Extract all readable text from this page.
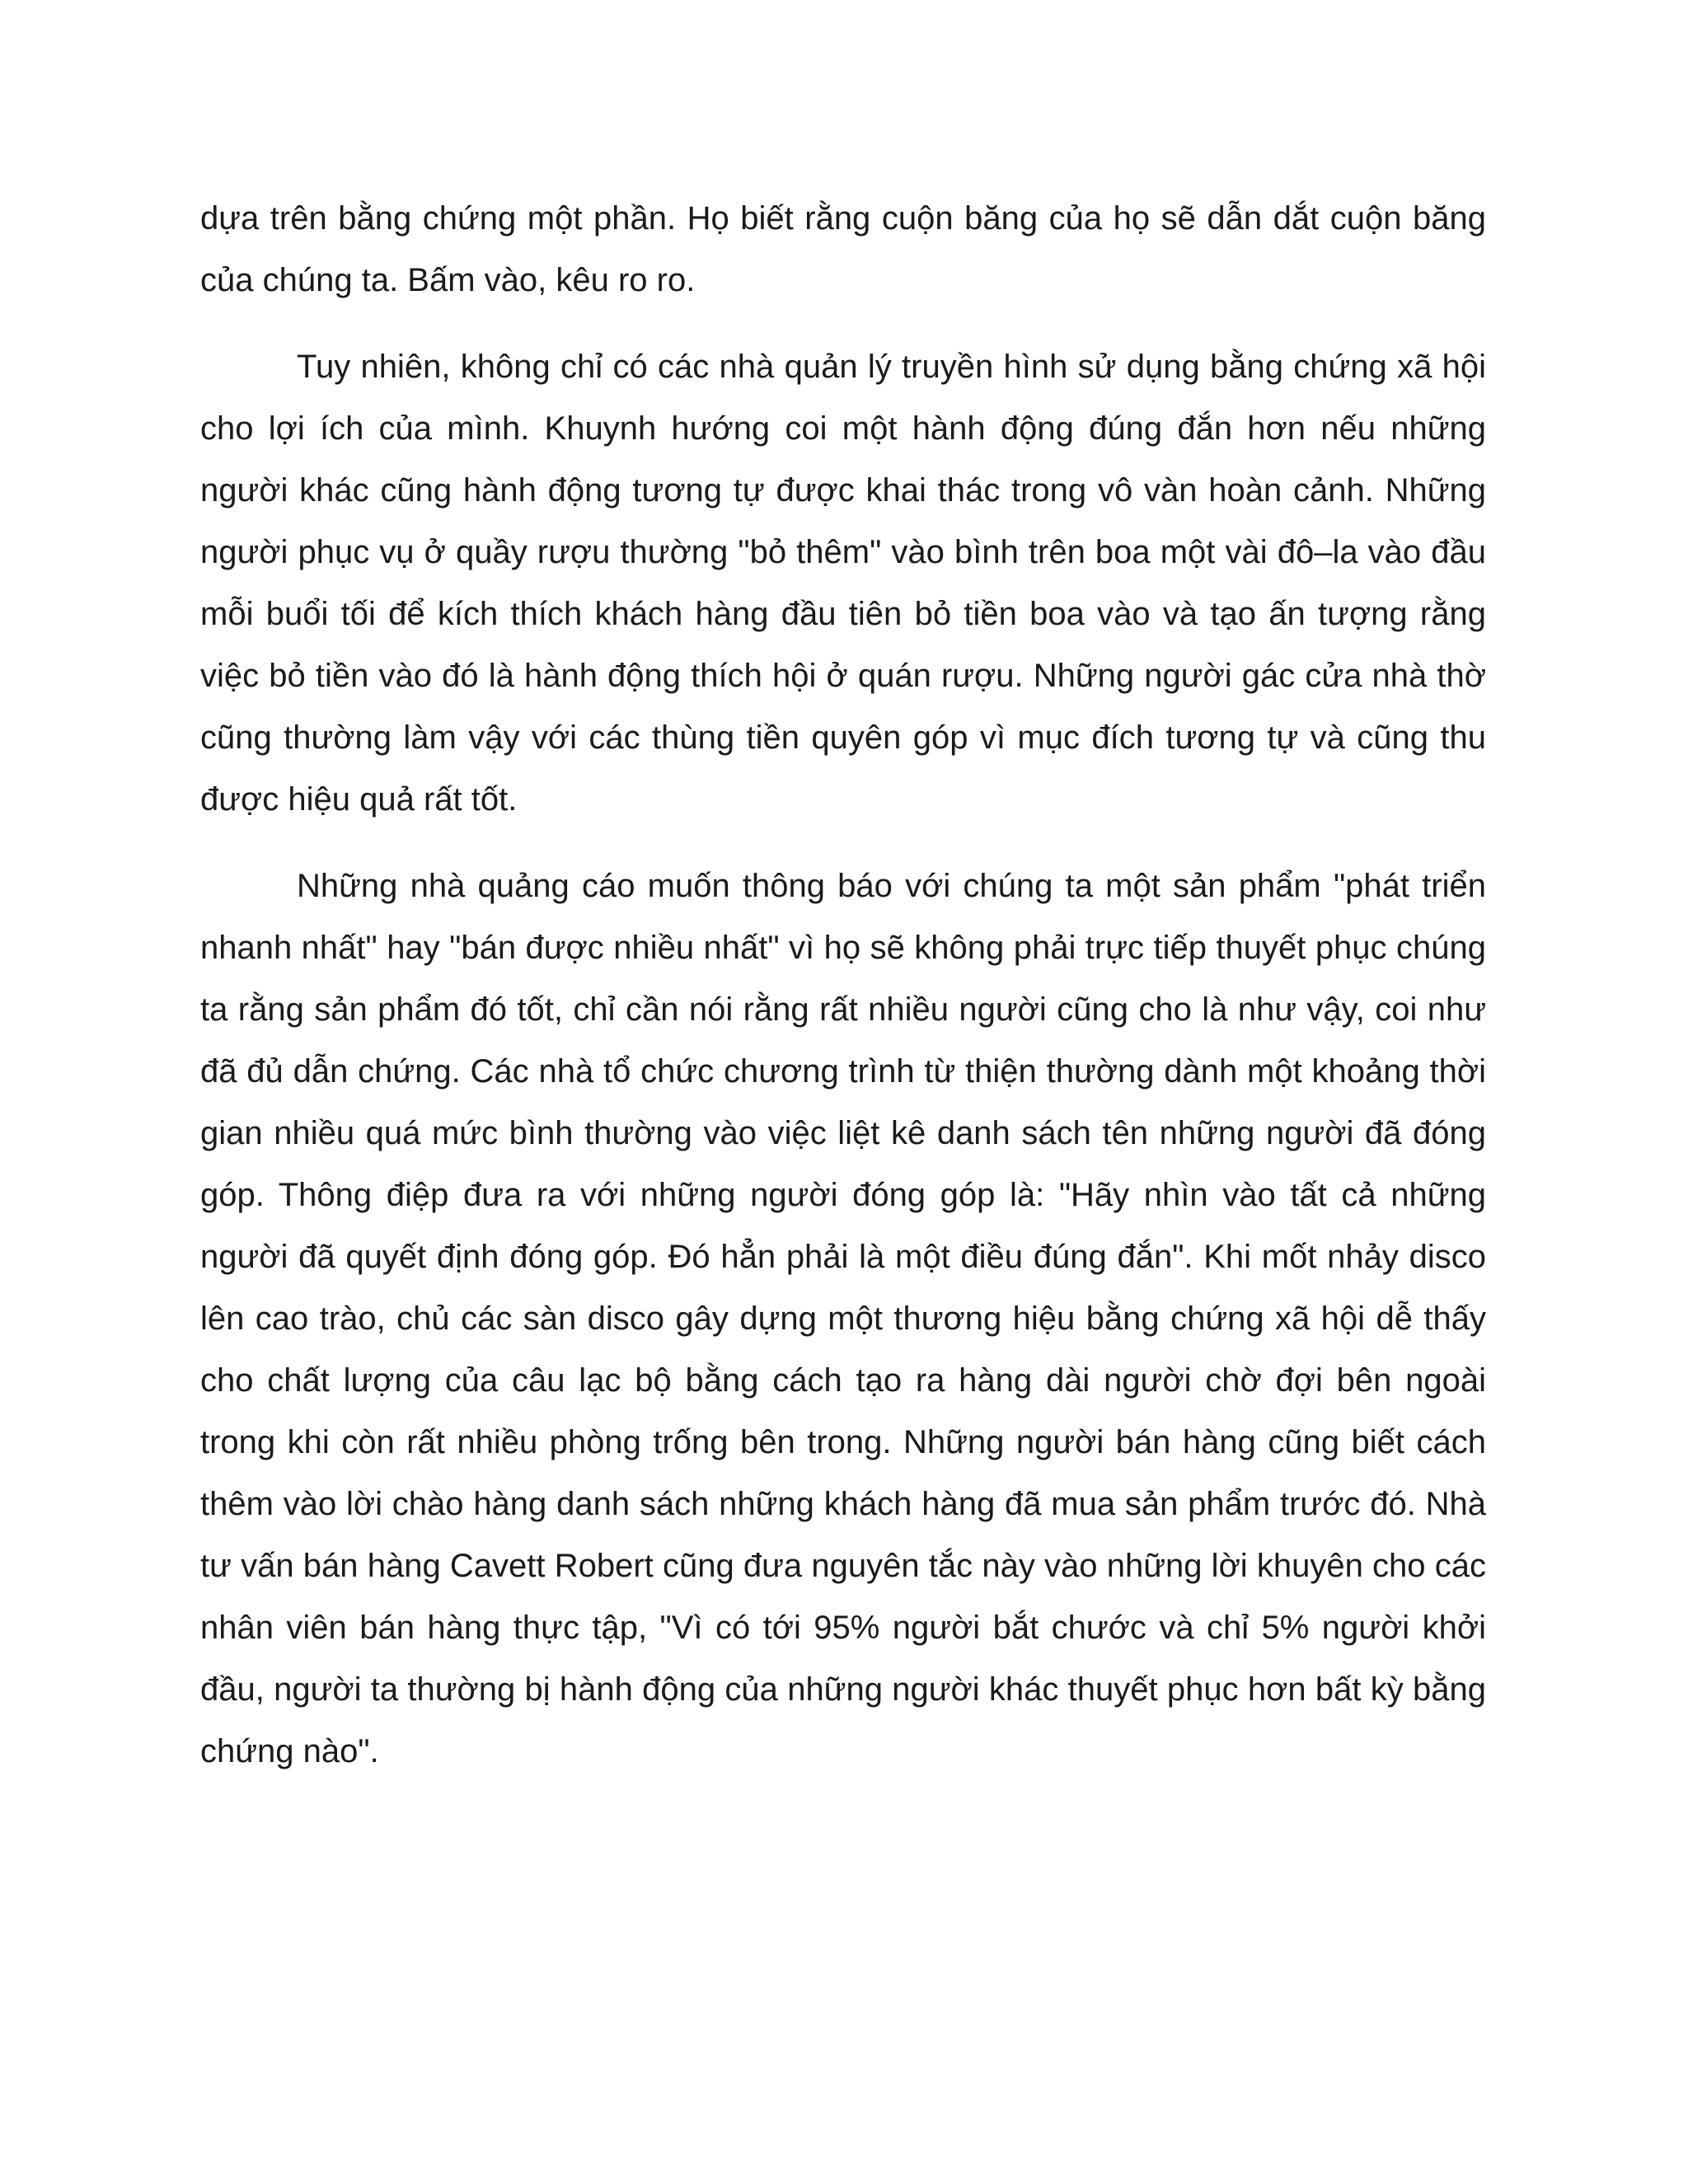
dựa trên bằng chứng một phần. Họ biết rằng cuộn băng của họ sẽ dẫn dắt cuộn băng của chúng ta. Bấm vào, kêu ro ro.

Tuy nhiên, không chỉ có các nhà quản lý truyền hình sử dụng bằng chứng xã hội cho lợi ích của mình. Khuynh hướng coi một hành động đúng đắn hơn nếu những người khác cũng hành động tương tự được khai thác trong vô vàn hoàn cảnh. Những người phục vụ ở quầy rượu thường "bỏ thêm" vào bình trên boa một vài đô–la vào đầu mỗi buổi tối để kích thích khách hàng đầu tiên bỏ tiền boa vào và tạo ấn tượng rằng việc bỏ tiền vào đó là hành động thích hội ở quán rượu. Những người gác cửa nhà thờ cũng thường làm vậy với các thùng tiền quyên góp vì mục đích tương tự và cũng thu được hiệu quả rất tốt.

Những nhà quảng cáo muốn thông báo với chúng ta một sản phẩm "phát triển nhanh nhất" hay "bán được nhiều nhất" vì họ sẽ không phải trực tiếp thuyết phục chúng ta rằng sản phẩm đó tốt, chỉ cần nói rằng rất nhiều người cũng cho là như vậy, coi như đã đủ dẫn chứng. Các nhà tổ chức chương trình từ thiện thường dành một khoảng thời gian nhiều quá mức bình thường vào việc liệt kê danh sách tên những người đã đóng góp. Thông điệp đưa ra với những người đóng góp là: "Hãy nhìn vào tất cả những người đã quyết định đóng góp. Đó hẳn phải là một điều đúng đắn". Khi mốt nhảy disco lên cao trào, chủ các sàn disco gây dựng một thương hiệu bằng chứng xã hội dễ thấy cho chất lượng của câu lạc bộ bằng cách tạo ra hàng dài người chờ đợi bên ngoài trong khi còn rất nhiều phòng trống bên trong. Những người bán hàng cũng biết cách thêm vào lời chào hàng danh sách những khách hàng đã mua sản phẩm trước đó. Nhà tư vấn bán hàng Cavett Robert cũng đưa nguyên tắc này vào những lời khuyên cho các nhân viên bán hàng thực tập, "Vì có tới 95% người bắt chước và chỉ 5% người khởi đầu, người ta thường bị hành động của những người khác thuyết phục hơn bất kỳ bằng chứng nào".
